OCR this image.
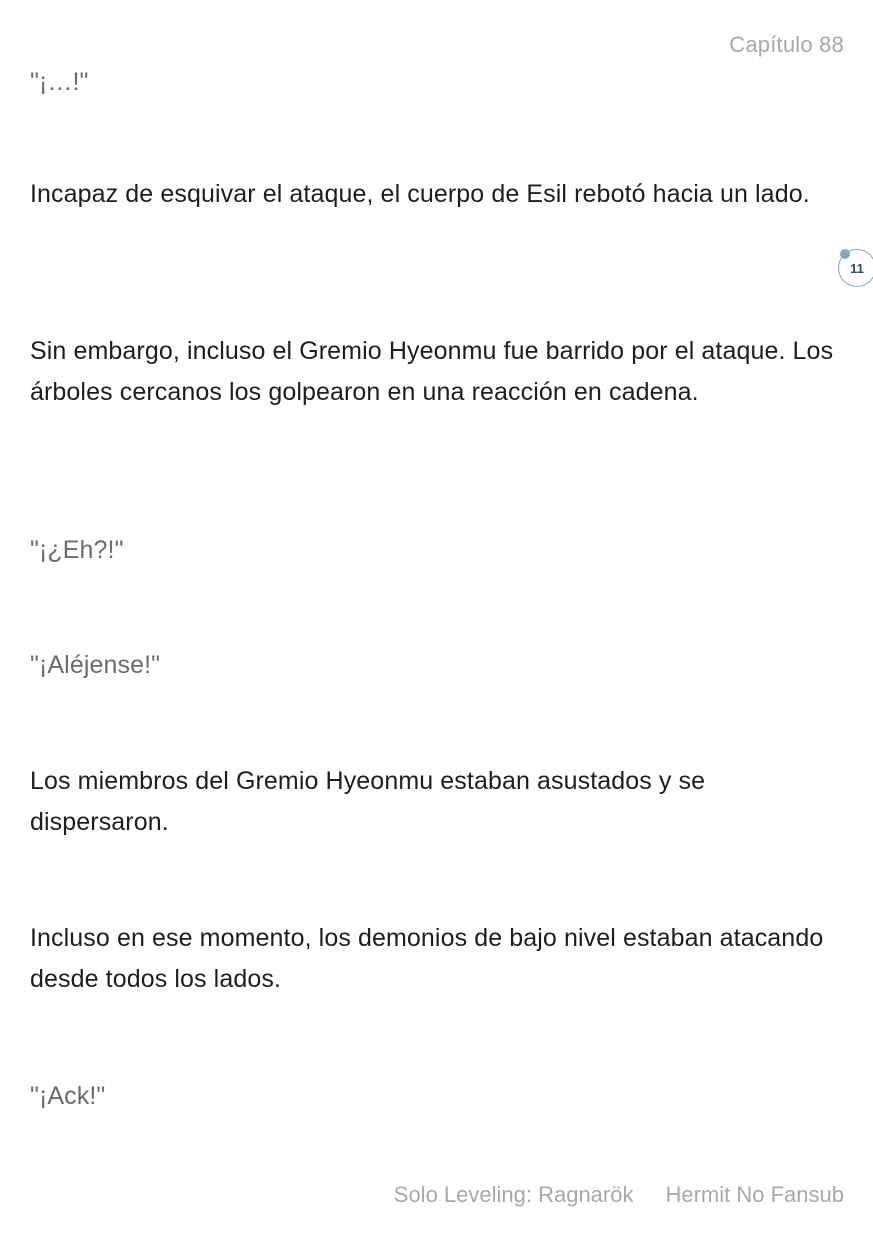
Capítulo 88

"¡…!"

Incapaz de esquivar el ataque, el cuerpo de Esil rebotó hacia un lado.

11

Sin embargo, incluso el Gremio Hyeonmu fue barrido por el ataque. Los árboles cercanos los golpearon en una reacción en cadena.

"¡¿Eh?!"

"¡Aléjense!"

Los miembros del Gremio Hyeonmu estaban asustados y se dispersaron.

Incluso en ese momento, los demonios de bajo nivel estaban atacando desde todos los lados.

"¡Ack!"

Solo Leveling: Ragnarök Hermit No Fansub
